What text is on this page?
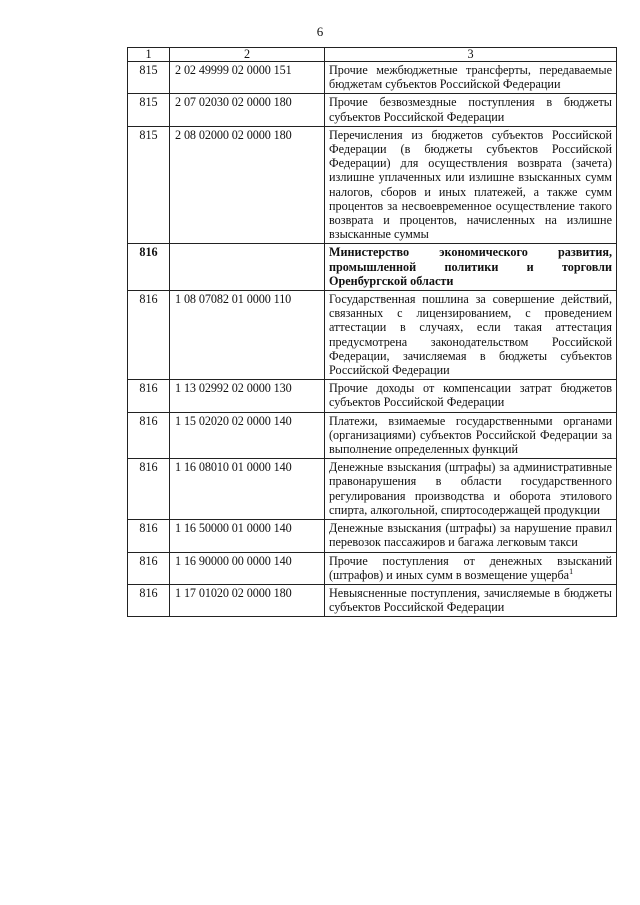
6
1	2	3
815	2 02 49999 02 0000 151	Прочие межбюджетные трансферты, передаваемые бюджетам субъектов Российской Федерации
815	2 07 02030 02 0000 180	Прочие безвозмездные поступления в бюджеты субъектов Российской Федерации
815	2 08 02000 02 0000 180	Перечисления из бюджетов субъектов Российской Федерации (в бюджеты субъектов Российской Федерации) для осуществления возврата (зачета) излишне уплаченных или излишне взысканных сумм налогов, сборов и иных платежей, а также сумм процентов за несвоевременное осуществление такого возврата и процентов, начисленных на излишне взысканные суммы
816		Министерство экономического развития, промышленной политики и торговли Оренбургской области
816	1 08 07082 01 0000 110	Государственная пошлина за совершение действий, связанных с лицензированием, с проведением аттестации в случаях, если такая аттестация предусмотрена законодательством Российской Федерации, зачисляемая в бюджеты субъектов Российской Федерации
816	1 13 02992 02 0000 130	Прочие доходы от компенсации затрат бюджетов субъектов Российской Федерации
816	1 15 02020 02 0000 140	Платежи, взимаемые государственными органами (организациями) субъектов Российской Федерации за выполнение определенных функций
816	1 16 08010 01 0000 140	Денежные взыскания (штрафы) за административные правонарушения в области государственного регулирования производства и оборота этилового спирта, алкогольной, спиртосодержащей продукции
816	1 16 50000 01 0000 140	Денежные взыскания (штрафы) за нарушение правил перевозок пассажиров и багажа легковым такси
816	1 16 90000 00 0000 140	Прочие поступления от денежных взысканий (штрафов) и иных сумм в возмещение ущерба$^1$
816	1 17 01020 02 0000 180	Невыясненные поступления, зачисляемые в бюджеты субъектов Российской Федерации
